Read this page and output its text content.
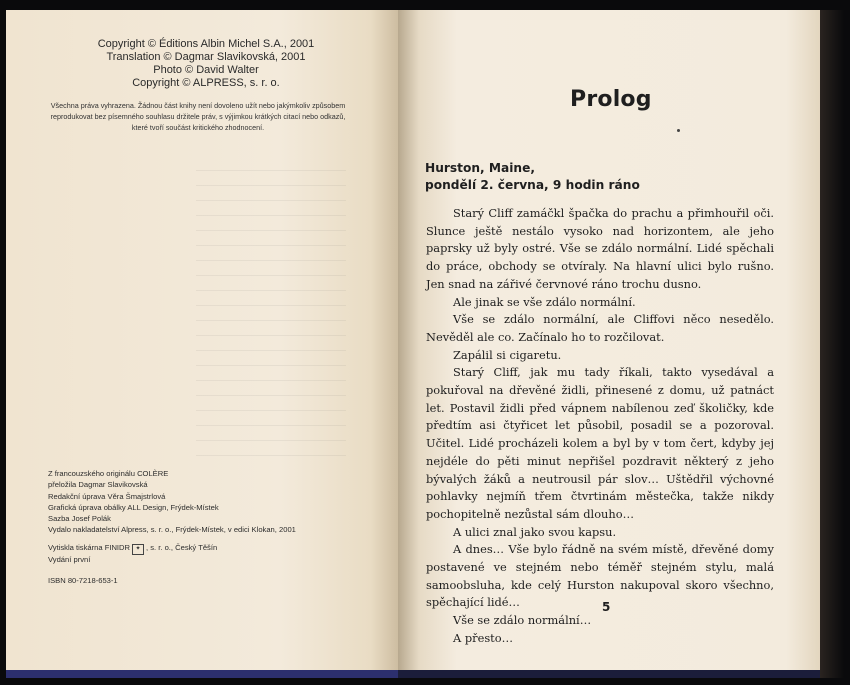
Copyright © Éditions Albin Michel S.A., 2001
Translation © Dagmar Slavikovská, 2001
Photo © David Walter
Copyright © ALPRESS, s. r. o.
Všechna práva vyhrazena. Žádnou část knihy není dovoleno užít nebo jakýmkoliv způsobem reprodukovat bez písemného souhlasu držitele práv, s výjimkou krátkých citací nebo odkazů, které tvoří součást kritického zhodnocení.
Z francouzského originálu COLÈRE
přeložila Dagmar Slavikovská
Redakční úprava Věra Šmajstrlová
Grafická úprava obálky ALL Design, Frýdek-Místek
Sazba Josef Polák
Vydalo nakladatelství Alpress, s. r. o., Frýdek-Místek, v edici Klokan, 2001
Vytiskla tiskárna FINIDR ✦ , s. r. o., Český Těšín
Vydání první
ISBN 80-7218-653-1
Prolog
Hurston, Maine,
pondělí 2. června, 9 hodin ráno

Starý Cliff zamáčkl špačka do prachu a přimhouřil oči. Slunce ještě nestálo vysoko nad horizontem, ale jeho paprsky už byly ostré. Vše se zdálo normální. Lidé spěchali do práce, obchody se otvíraly. Na hlavní ulici bylo rušno. Jen snad na zářivé červnové ráno trochu dusno.

Ale jinak se vše zdálo normální.

Vše se zdálo normální, ale Cliffovi něco nesedělo. Nevěděl ale co. Začínalo ho to rozčilovat.

Zapálil si cigaretu.

Starý Cliff, jak mu tady říkali, takto vysedával a pokuřoval na dřevěné židli, přinesené z domu, už patnáct let. Postavil židli před vápnem nabílenou zeď školičky, kde předtím asi čtyřicet let působil, posadil se a pozoroval. Učitel. Lidé procházeli kolem a byl by v tom čert, kdyby jej nejdéle do pěti minut nepřišel pozdravit některý z jeho bývalých žáků a neutrousil pár slov… Uštědřil výchovné pohlavky nejmíň třem čtvrtinám městečka, takže nikdy pochopitelně nezůstal sám dlouho…

A ulici znal jako svou kapsu.

A dnes… Vše bylo řádně na svém místě, dřevěné domy postavené ve stejném nebo téměř stejném stylu, malá samoobsluha, kde celý Hurston nakupoval skoro všechno, spěchající lidé…

Vše se zdálo normální…

A přesto…

5
